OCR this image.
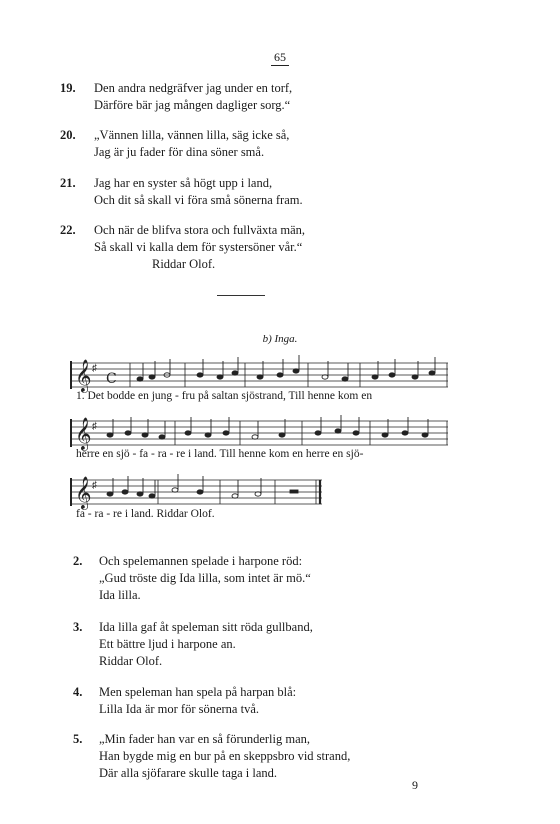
65
19.	Den andra nedgräfver jag under en torf,
Därföre bär jag mången dagliger sorg.“
20.	„Vännen lilla, vännen lilla, säg icke så,
Jag är ju fader för dina söner små.
21.	Jag har en syster så högt upp i land,
Och dit så skall vi föra små sönerna fram.
22.	Och när de blifva stora och fullväxta män,
Så skall vi kalla dem för systersöner vår.“
Riddar Olof.
b) Inga.
𝄞 ♯
C
1. Det bodde en jung - fru på saltan sjöstrand, Till henne kom en
𝄞 ♯
herre en sjö - fa - ra - re i land. Till henne kom en herre en sjö-
𝄞 ♯
fa - ra - re i land. Riddar Olof.
2.	Och spelemannen spelade i harpone röd:
„Gud tröste dig Ida lilla, som intet är mö.“
Ida lilla.
3.	Ida lilla gaf åt speleman sitt röda gullband,
Ett bättre ljud i harpone an.
Riddar Olof.
4.	Men speleman han spela på harpan blå:
Lilla Ida är mor för sönerna två.
5.	„Min fader han var en så förunderlig man,
Han bygde mig en bur på en skeppsbro vid strand,
Där alla sjöfarare skulle taga i land.
9
